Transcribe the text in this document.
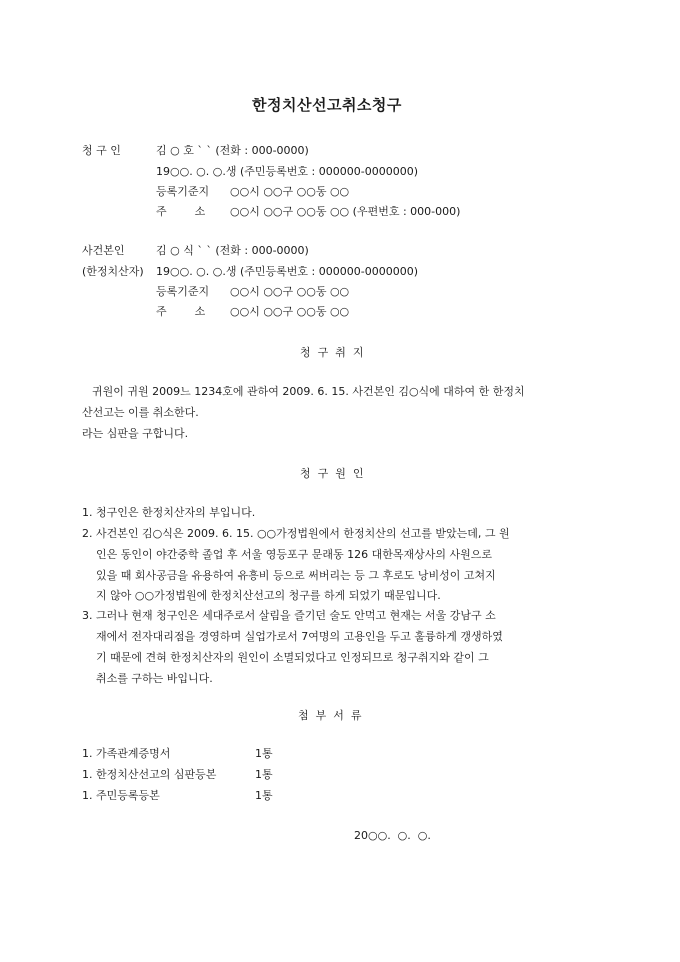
한정치산선고취소청구
청 구 인	김 ○ 호 ` ` (전화 : 000-0000)
19○○. ○. ○.생 (주민등록번호 : 000000-0000000)
등록기준지 ○○시 ○○구 ○○동 ○○
주        소 ○○시 ○○구 ○○동 ○○ (우편번호 : 000-000)
사건본인	김 ○ 식 ` ` (전화 : 000-0000)
(한정치산자) 19○○. ○. ○.생 (주민등록번호 : 000000-0000000)
등록기준지 ○○시 ○○구 ○○동 ○○
주        소 ○○시 ○○구 ○○동 ○○
청  구  취  지
귀원이 귀원 2009느 1234호에 관하여 2009. 6. 15. 사건본인 김○식에 대하여 한 한정치
산선고는 이를 취소한다.
라는 심판을 구합니다.
청  구  원  인
1. 청구인은 한정치산자의 부입니다.
2. 사건본인 김○식은 2009. 6. 15. ○○가정법원에서 한정치산의 선고를 받았는데, 그 원
인은 동인이 야간중학 졸업 후 서울 영등포구 문래동 126 대한목재상사의 사원으로
있을 때 회사공금을 유용하여 유흥비 등으로 써버리는 등 그 후로도 낭비성이 고쳐지
지 않아 ○○가정법원에 한정치산선고의 청구를 하게 되었기 때문입니다.
3. 그러나 현재 청구인은 세대주로서 살림을 즐기던 술도 안먹고 현재는 서울 강남구 소
재에서 전자대리점을 경영하며 실업가로서 7여명의 고용인을 두고 훌륭하게 갱생하였
기 때문에 견혀 한정치산자의 원인이 소멸되었다고 인정되므로 청구취지와 같이 그
취소를 구하는 바입니다.
첨  부  서  류
1. 가족관계증명서	1통
1. 한정치산선고의 심판등본	1통
1. 주민등록등본	1통
20○○.  ○.  ○.
